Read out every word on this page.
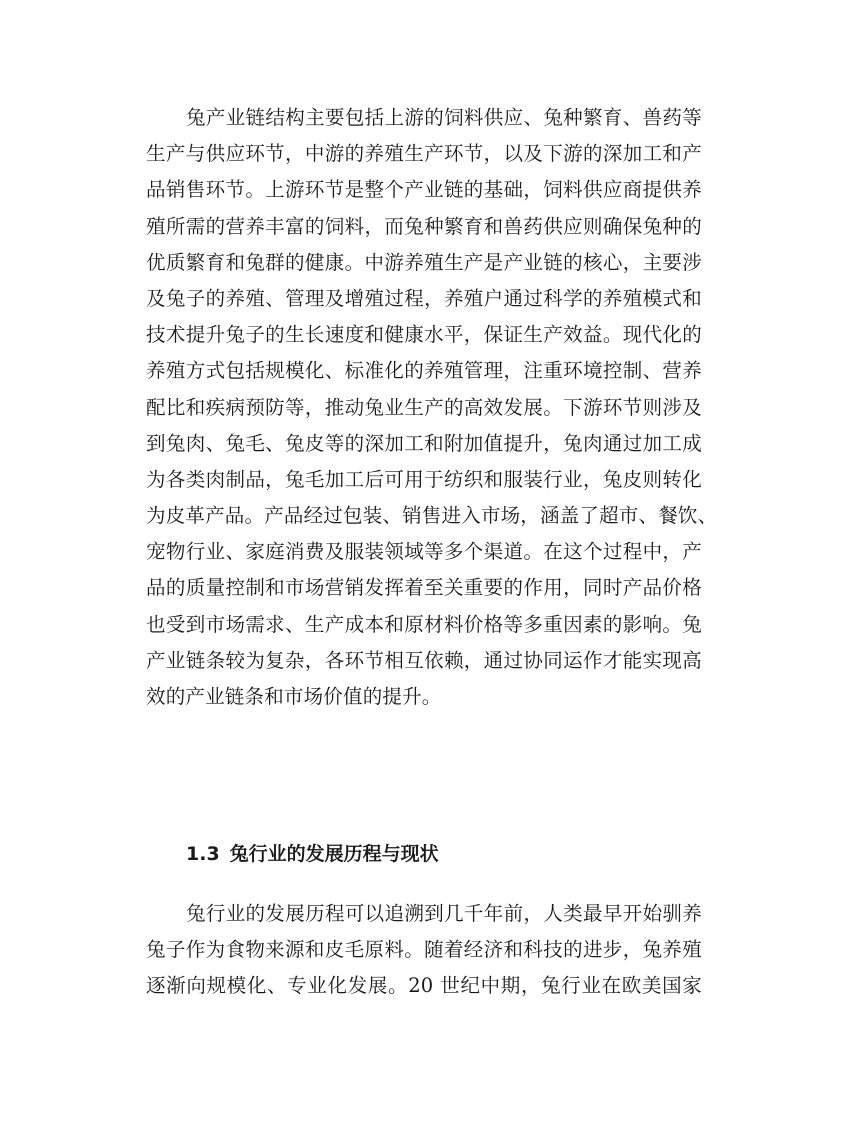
兔产业链结构主要包括上游的饲料供应、兔种繁育、兽药等
生产与供应环节，中游的养殖生产环节，以及下游的深加工和产
品销售环节。上游环节是整个产业链的基础，饲料供应商提供养
殖所需的营养丰富的饲料，而兔种繁育和兽药供应则确保兔种的
优质繁育和兔群的健康。中游养殖生产是产业链的核心，主要涉
及兔子的养殖、管理及增殖过程，养殖户通过科学的养殖模式和
技术提升兔子的生长速度和健康水平，保证生产效益。现代化的
养殖方式包括规模化、标准化的养殖管理，注重环境控制、营养
配比和疾病预防等，推动兔业生产的高效发展。下游环节则涉及
到兔肉、兔毛、兔皮等的深加工和附加值提升，兔肉通过加工成
为各类肉制品，兔毛加工后可用于纺织和服装行业，兔皮则转化
为皮革产品。产品经过包装、销售进入市场，涵盖了超市、餐饮、
宠物行业、家庭消费及服装领域等多个渠道。在这个过程中，产
品的质量控制和市场营销发挥着至关重要的作用，同时产品价格
也受到市场需求、生产成本和原材料价格等多重因素的影响。兔
产业链条较为复杂，各环节相互依赖，通过协同运作才能实现高
效的产业链条和市场价值的提升。
1.3 兔行业的发展历程与现状
兔行业的发展历程可以追溯到几千年前，人类最早开始驯养
兔子作为食物来源和皮毛原料。随着经济和科技的进步，兔养殖
逐渐向规模化、专业化发展。20 世纪中期，兔行业在欧美国家
